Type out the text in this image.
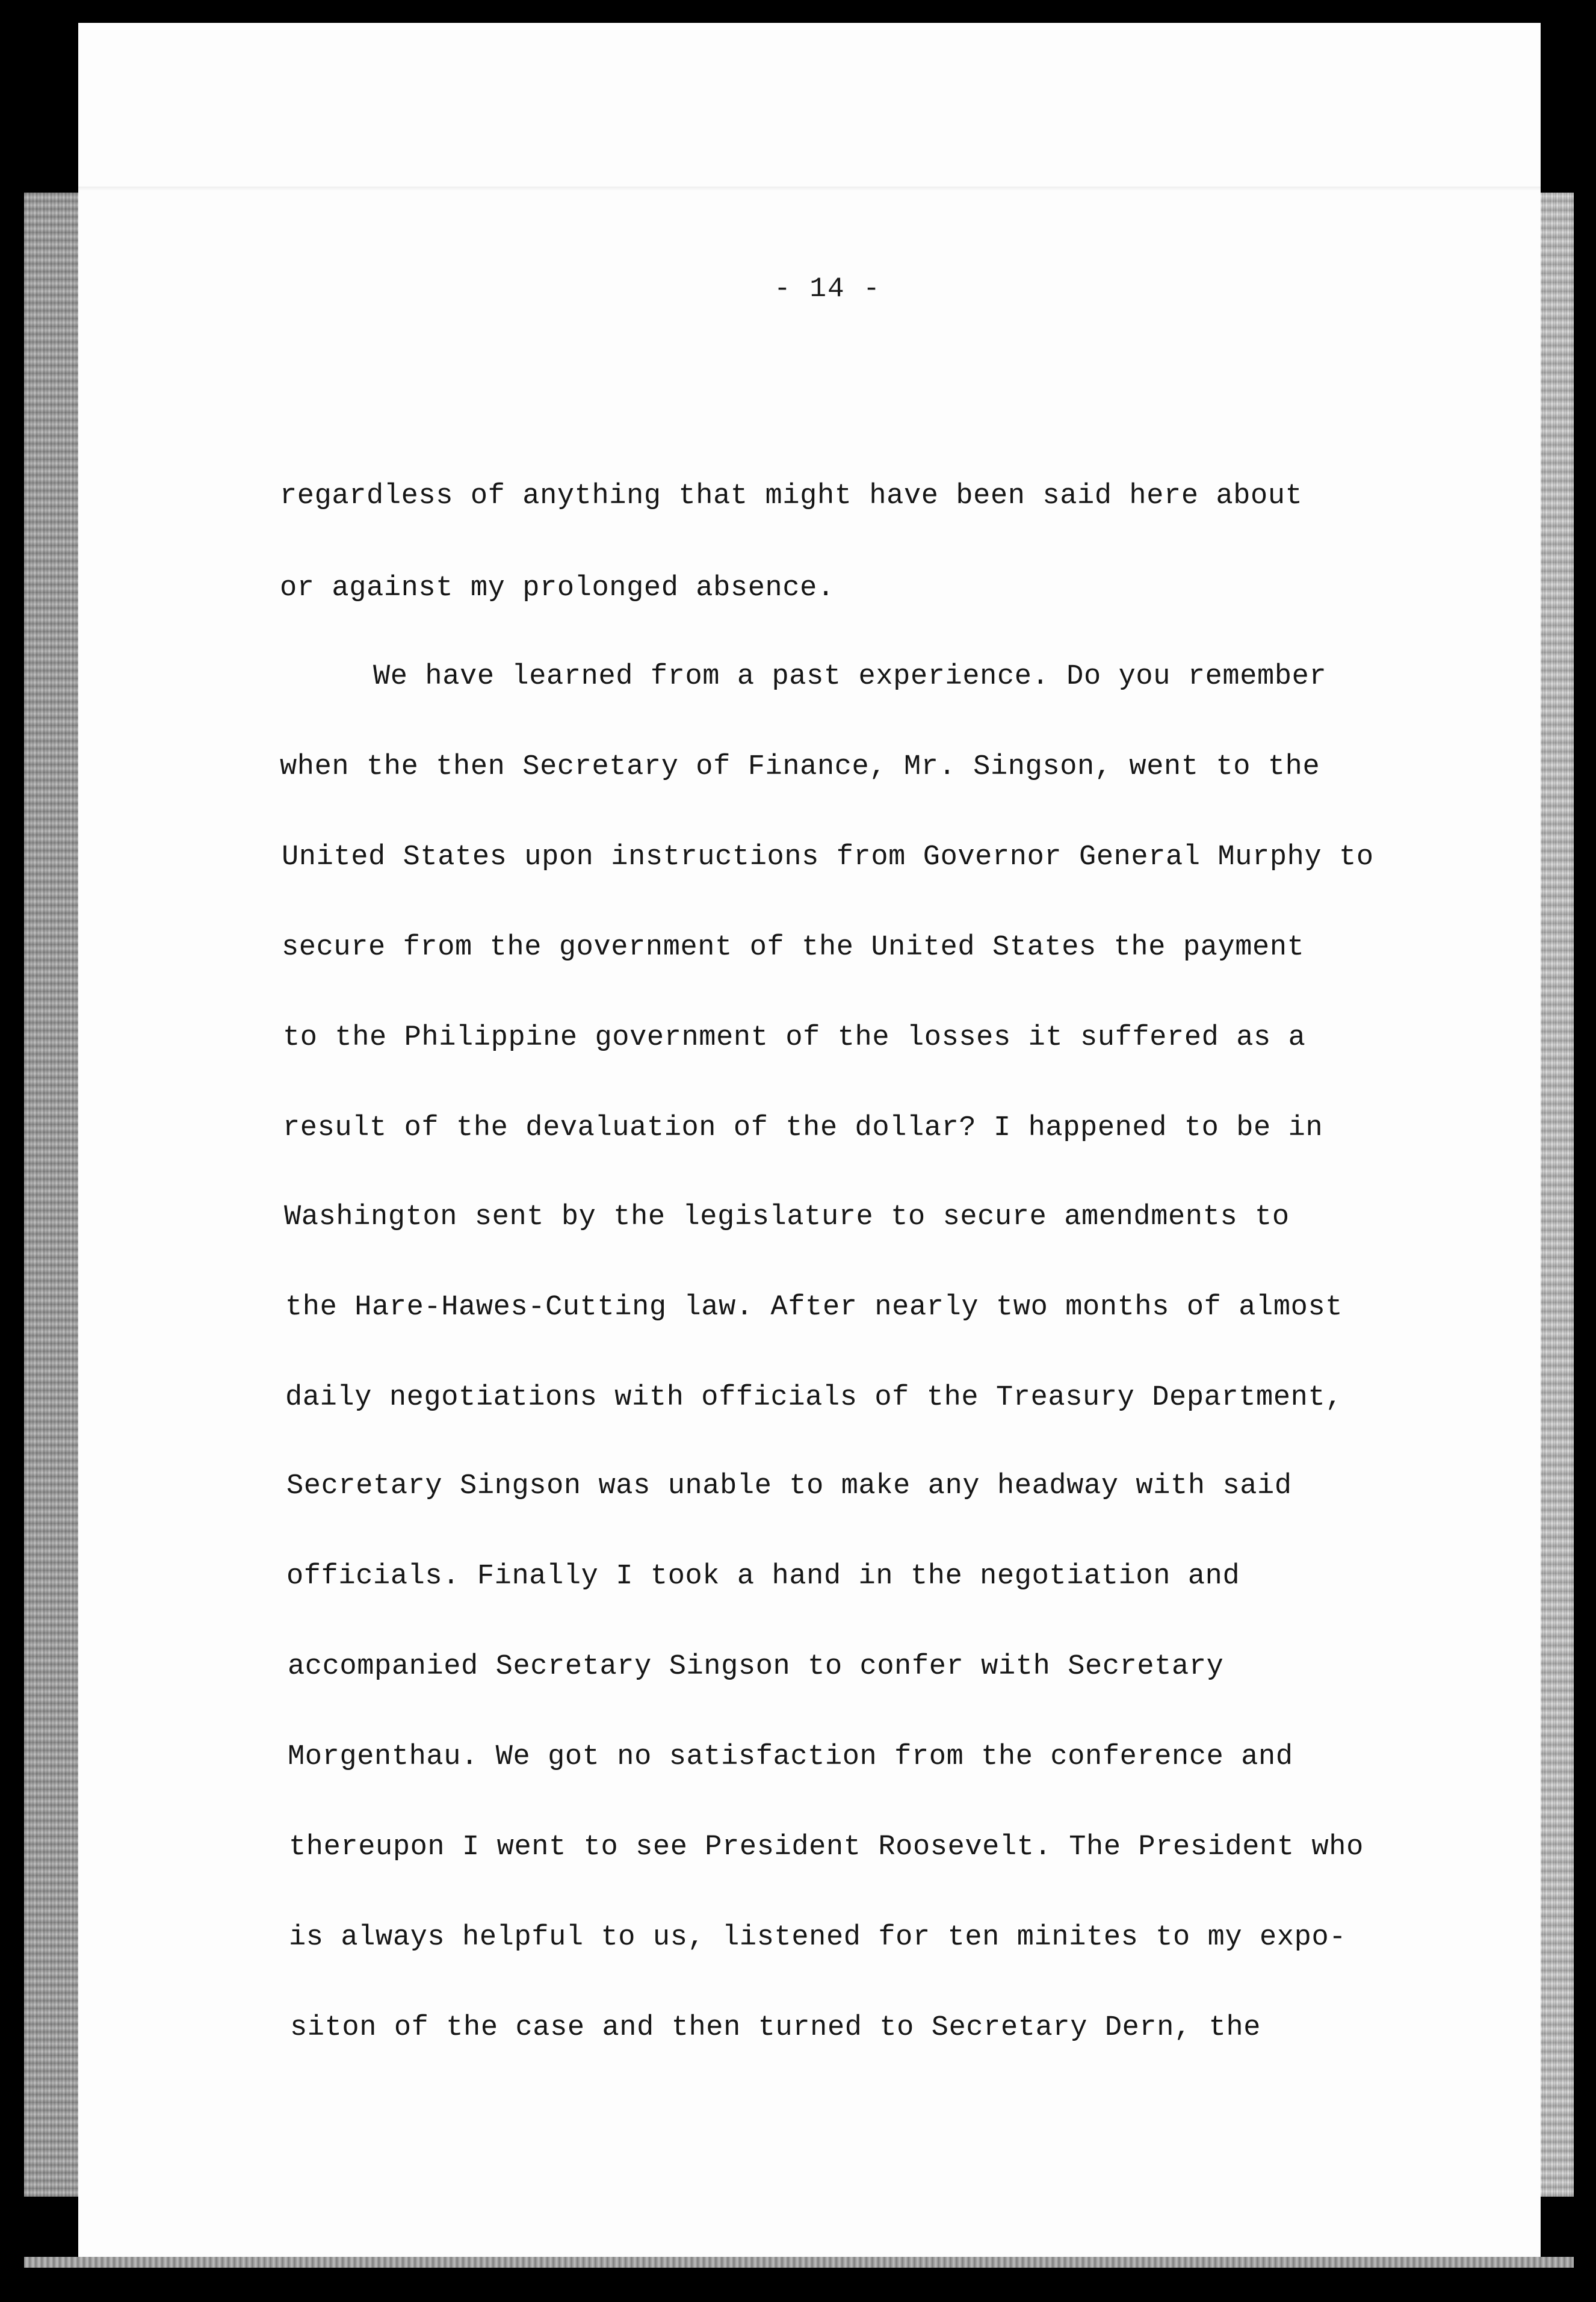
- 14 -
regardless of anything that might have been said here about
or against my prolonged absence.
We have learned from a past experience. Do you remember
when the then Secretary of Finance, Mr. Singson, went to the
United States upon instructions from Governor General Murphy to
secure from the government of the United States the payment
to the Philippine government of the losses it suffered as a
result of the devaluation of the dollar? I happened to be in
Washington sent by the legislature to secure amendments to
the Hare-Hawes-Cutting law. After nearly two months of almost
daily negotiations with officials of the Treasury Department,
Secretary Singson was unable to make any headway with said
officials. Finally I took a hand in the negotiation and
accompanied Secretary Singson to confer with Secretary
Morgenthau. We got no satisfaction from the conference and
thereupon I went to see President Roosevelt. The President who
is always helpful to us, listened for ten minites to my expo-
siton of the case and then turned to Secretary Dern, the
